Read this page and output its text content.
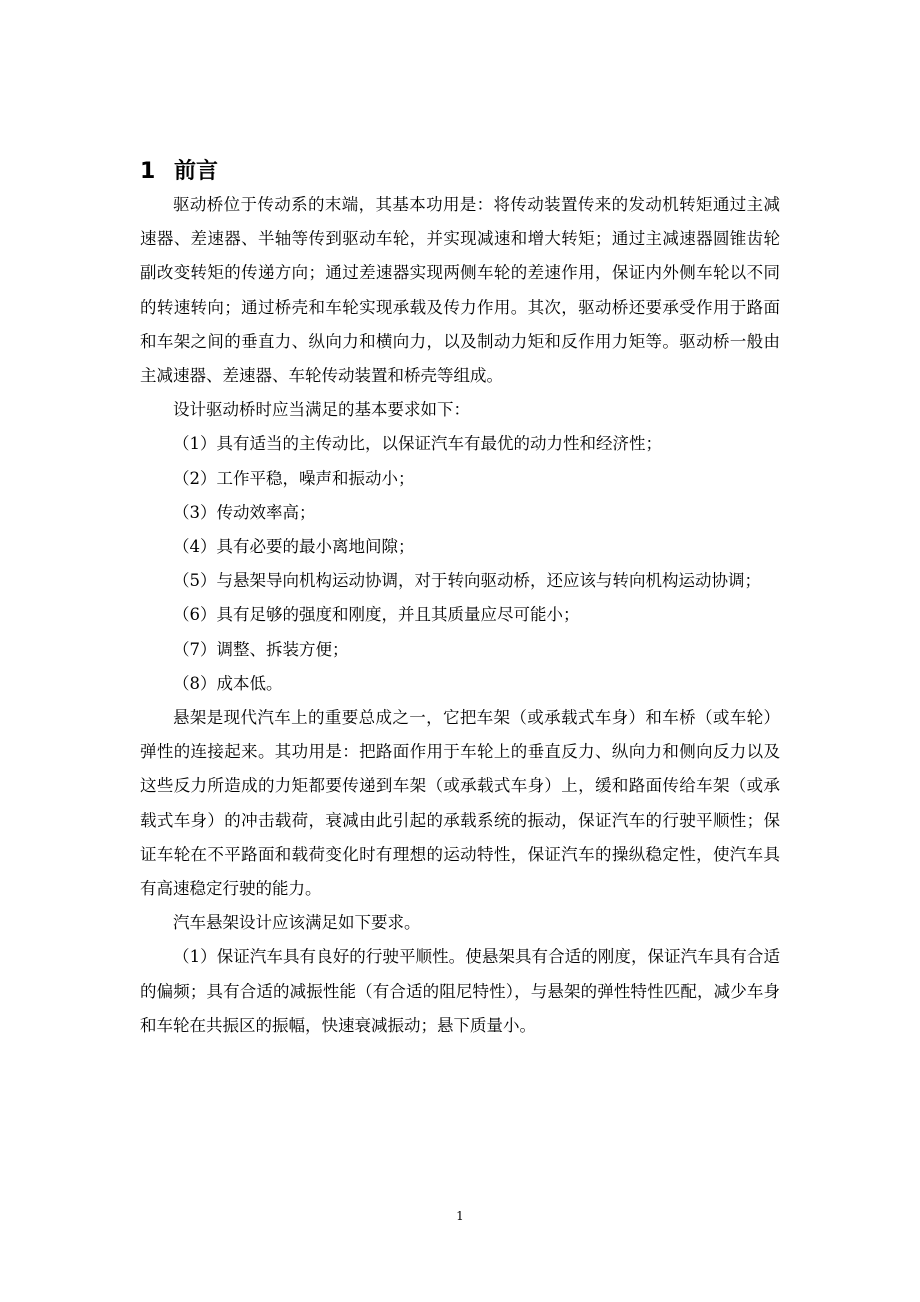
1 前言

驱动桥位于传动系的末端，其基本功用是：将传动装置传来的发动机转矩通过主减速器、差速器、半轴等传到驱动车轮，并实现减速和增大转矩；通过主减速器圆锥齿轮副改变转矩的传递方向；通过差速器实现两侧车轮的差速作用，保证内外侧车轮以不同的转速转向；通过桥壳和车轮实现承载及传力作用。其次，驱动桥还要承受作用于路面和车架之间的垂直力、纵向力和横向力，以及制动力矩和反作用力矩等。驱动桥一般由主减速器、差速器、车轮传动装置和桥壳等组成。

设计驱动桥时应当满足的基本要求如下：

（1）具有适当的主传动比，以保证汽车有最优的动力性和经济性；

（2）工作平稳，噪声和振动小；

（3）传动效率高；

（4）具有必要的最小离地间隙；

（5）与悬架导向机构运动协调，对于转向驱动桥，还应该与转向机构运动协调；

（6）具有足够的强度和刚度，并且其质量应尽可能小；

（7）调整、拆装方便；

（8）成本低。

悬架是现代汽车上的重要总成之一，它把车架（或承载式车身）和车桥（或车轮）弹性的连接起来。其功用是：把路面作用于车轮上的垂直反力、纵向力和侧向反力以及这些反力所造成的力矩都要传递到车架（或承载式车身）上，缓和路面传给车架（或承载式车身）的冲击载荷，衰减由此引起的承载系统的振动，保证汽车的行驶平顺性；保证车轮在不平路面和载荷变化时有理想的运动特性，保证汽车的操纵稳定性，使汽车具有高速稳定行驶的能力。

汽车悬架设计应该满足如下要求。

（1）保证汽车具有良好的行驶平顺性。使悬架具有合适的刚度，保证汽车具有合适的偏频；具有合适的减振性能（有合适的阻尼特性），与悬架的弹性特性匹配，减少车身和车轮在共振区的振幅，快速衰减振动；悬下质量小。

1
